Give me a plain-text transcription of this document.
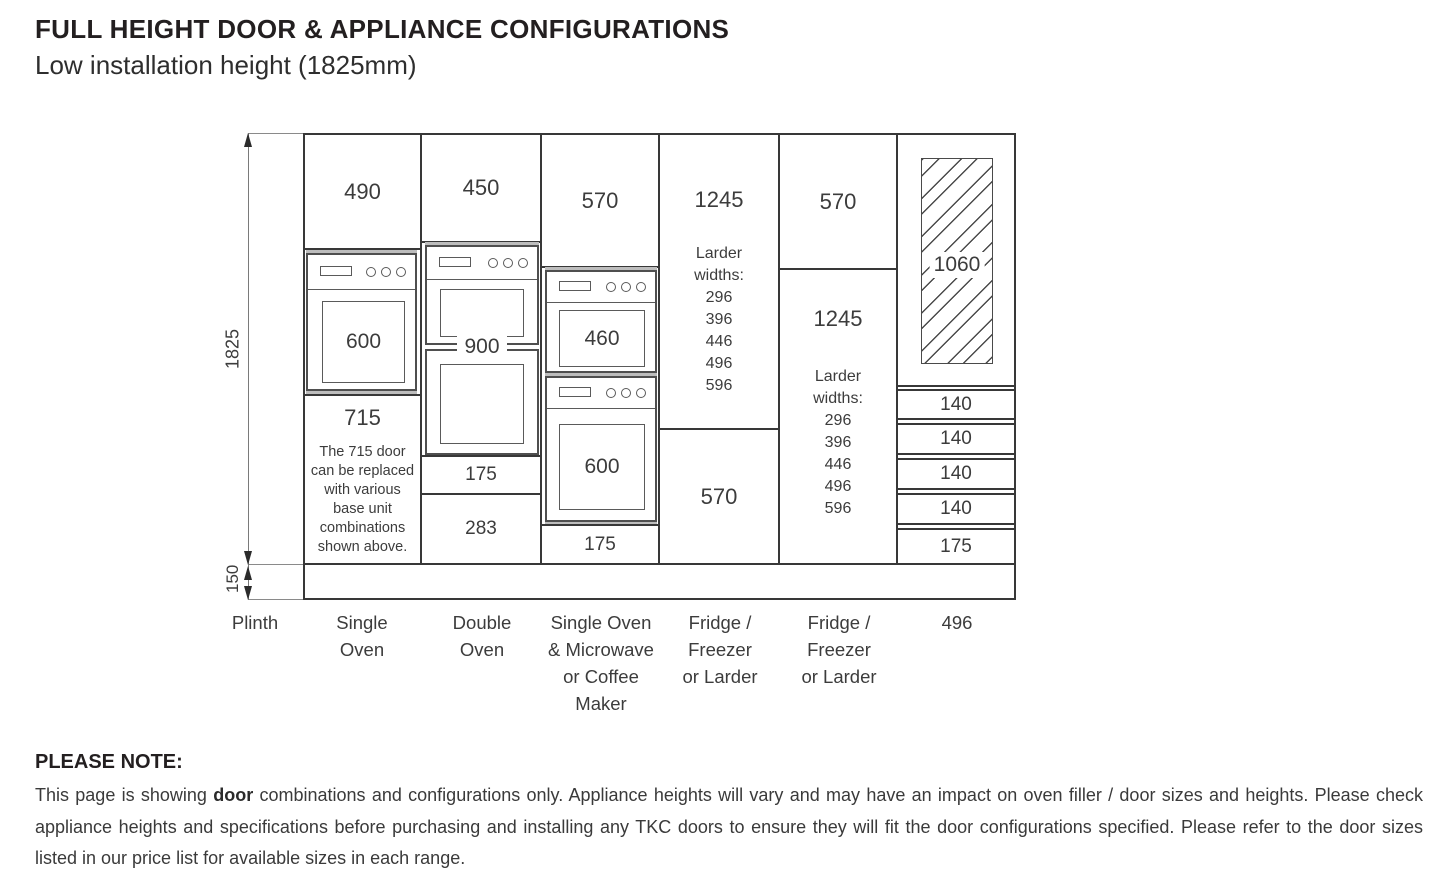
FULL HEIGHT DOOR & APPLIANCE CONFIGURATIONS
Low installation height (1825mm)
1825
150
490
600
715
The 715 door
can be replaced
with various
base unit
combinations
shown above.
450
900
175
283
570
460
600
175
1245
Larder
widths:
296
396
446
496
596
570
570
1245
Larder
widths:
296
396
446
496
596
1060
140
140
140
140
175
Plinth	Single
Oven
Double
Oven
Single Oven
& Microwave
or Coffee
Maker
Fridge /
Freezer
or Larder
Fridge /
Freezer
or Larder
496
PLEASE NOTE:

This page is showing door combinations and configurations only. Appliance heights will vary and may have an impact on oven filler / door sizes and heights. Please check appliance heights and specifications before purchasing and installing any TKC doors to ensure they will fit the door configurations specified. Please refer to the door sizes listed in our price list for available sizes in each range.
